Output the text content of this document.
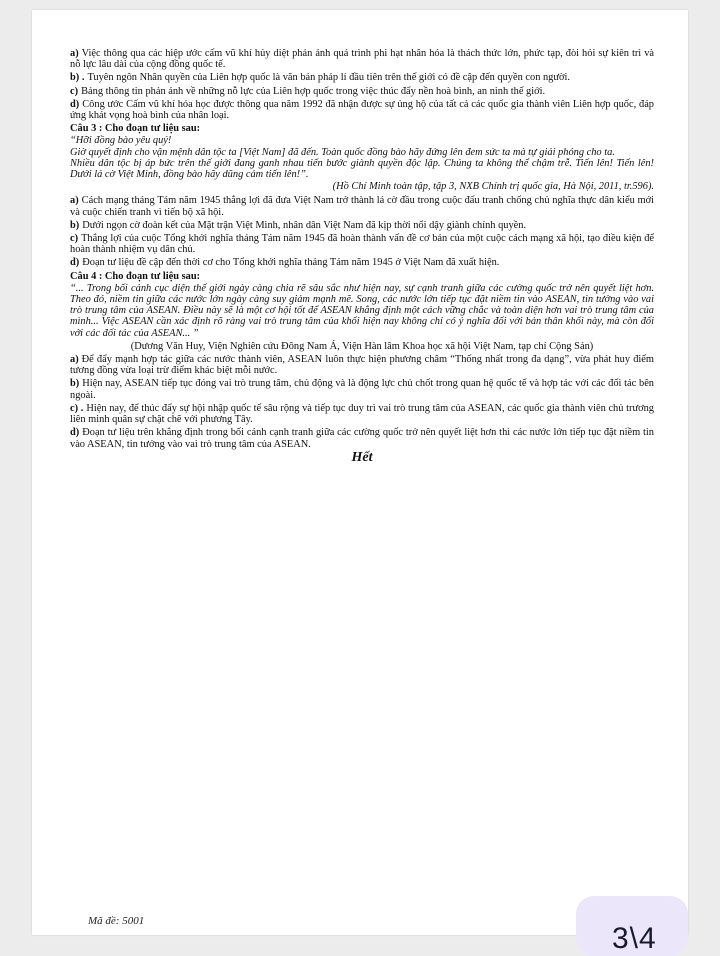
a) Việc thông qua các hiệp ước cấm vũ khí hủy diệt phản ánh quá trình phi hạt nhân hóa là thách thức lớn, phức tạp, đòi hỏi sự kiên trì và nỗ lực lâu dài của cộng đồng quốc tế.

b) . Tuyên ngôn Nhân quyền của Liên hợp quốc là văn bản pháp lí đầu tiên trên thế giới có đề cập đến quyền con người.

c) Bảng thông tin phản ánh về những nỗ lực của Liên hợp quốc trong việc thúc đẩy nền hoà bình, an ninh thế giới.

d) Công ước Cấm vũ khí hóa học được thông qua năm 1992 đã nhận được sự ủng hộ của tất cả các quốc gia thành viên Liên hợp quốc, đáp ứng khát vọng hoà bình của nhân loại.

Câu 3 : Cho đoạn tư liệu sau:

“Hỡi đồng bào yêu quý!

Giờ quyết định cho vận mệnh dân tộc ta [Việt Nam] đã đến. Toàn quốc đồng bào hãy đứng lên đem sức ta mà tự giải phóng cho ta.

Nhiều dân tộc bị áp bức trên thế giới đang ganh nhau tiến bước giành quyền độc lập. Chúng ta không thể chậm trễ. Tiến lên! Tiến lên! Dưới lá cờ Việt Minh, đồng bào hãy dũng cảm tiến lên!”.

(Hồ Chí Minh toàn tập, tập 3, NXB Chính trị quốc gia, Hà Nội, 2011, tr.596).

a) Cách mạng tháng Tám năm 1945 thắng lợi đã đưa Việt Nam trở thành lá cờ đầu trong cuộc đấu tranh chống chủ nghĩa thực dân kiểu mới và cuộc chiến tranh vì tiến bộ xã hội.

b) Dưới ngọn cờ đoàn kết của Mặt trận Việt Minh, nhân dân Việt Nam đã kịp thời nổi dậy giành chính quyền.

c) Thắng lợi của cuộc Tổng khởi nghĩa tháng Tám năm 1945 đã hoàn thành vấn đề cơ bản của một cuộc cách mạng xã hội, tạo điều kiện để hoàn thành nhiệm vụ dân chủ.

d) Đoạn tư liệu đề cập đến thời cơ cho Tổng khởi nghĩa tháng Tám năm 1945 ở Việt Nam đã xuất hiện.

Câu 4 : Cho đoạn tư liệu sau:

“... Trong bối cảnh cục diện thế giới ngày càng chia rẽ sâu sắc như hiện nay, sự cạnh tranh giữa các cường quốc trở nên quyết liệt hơn. Theo đó, niềm tin giữa các nước lớn ngày càng suy giảm mạnh mẽ. Song, các nước lớn tiếp tục đặt niềm tin vào ASEAN, tin tưởng vào vai trò trung tâm của ASEAN. Điều này sẽ là một cơ hội tốt để ASEAN khẳng định một cách vững chắc và toàn diện hơn vai trò trung tâm của mình... Việc ASEAN cần xác định rõ ràng vai trò trung tâm của khối hiện nay không chỉ có ý nghĩa đối với bản thân khối này, mà còn đối với các đối tác của ASEAN... ”

(Dương Văn Huy, Viện Nghiên cứu Đông Nam Á, Viện Hàn lâm Khoa học xã hội Việt Nam, tạp chí Cộng Sản)

a) Để đẩy mạnh hợp tác giữa các nước thành viên, ASEAN luôn thực hiện phương châm “Thống nhất trong đa dạng”, vừa phát huy điểm tương đồng vừa loại trừ điểm khác biệt mỗi nước.

b) Hiện nay, ASEAN tiếp tục đóng vai trò trung tâm, chủ động và là động lực chủ chốt trong quan hệ quốc tế và hợp tác với các đối tác bên ngoài.

c) . Hiện nay, để thúc đẩy sự hội nhập quốc tế sâu rộng và tiếp tục duy trì vai trò trung tâm của ASEAN, các quốc gia thành viên chủ trương liên minh quân sự chặt chẽ với phương Tây.

d) Đoạn tư liệu trên khẳng định trong bối cảnh cạnh tranh giữa các cường quốc trở nên quyết liệt hơn thì các nước lớn tiếp tục đặt niềm tin vào ASEAN, tin tưởng vào vai trò trung tâm của ASEAN.

Hết
Mã đề: 5001
3\4
